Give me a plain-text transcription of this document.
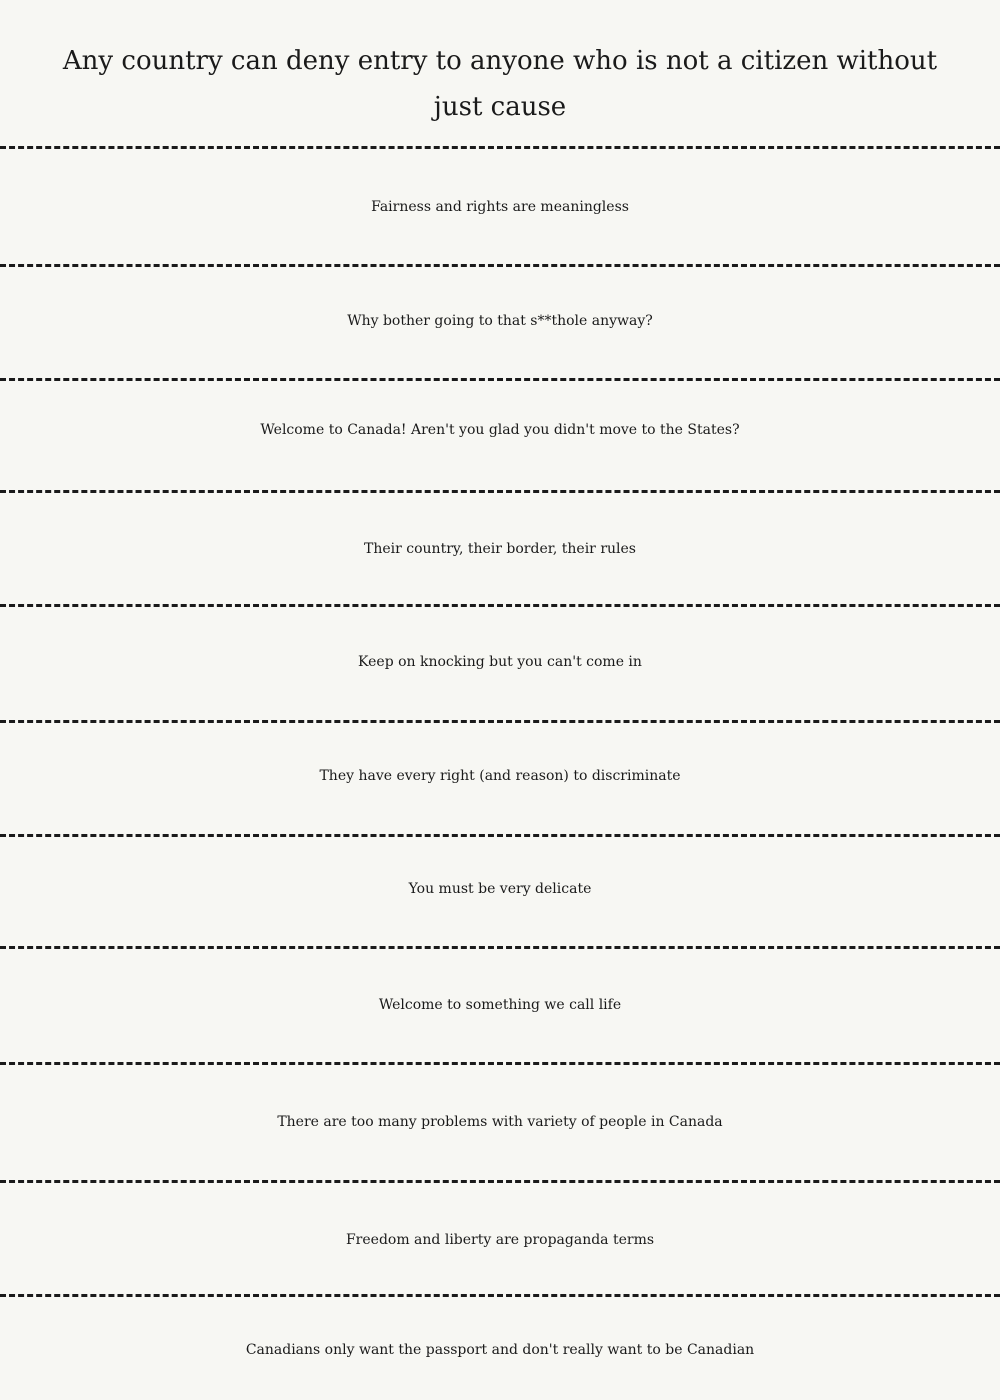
Any country can deny entry to anyone who is not a citizen without just cause
Fairness and rights are meaningless
Why bother going to that s**thole anyway?
Welcome to Canada! Aren't you glad you didn't move to the States?
Their country, their border, their rules
Keep on knocking but you can't come in
They have every right (and reason) to discriminate
You must be very delicate
Welcome to something we call life
There are too many problems with variety of people in Canada
Freedom and liberty are propaganda terms
Canadians only want the passport and don't really want to be Canadian
